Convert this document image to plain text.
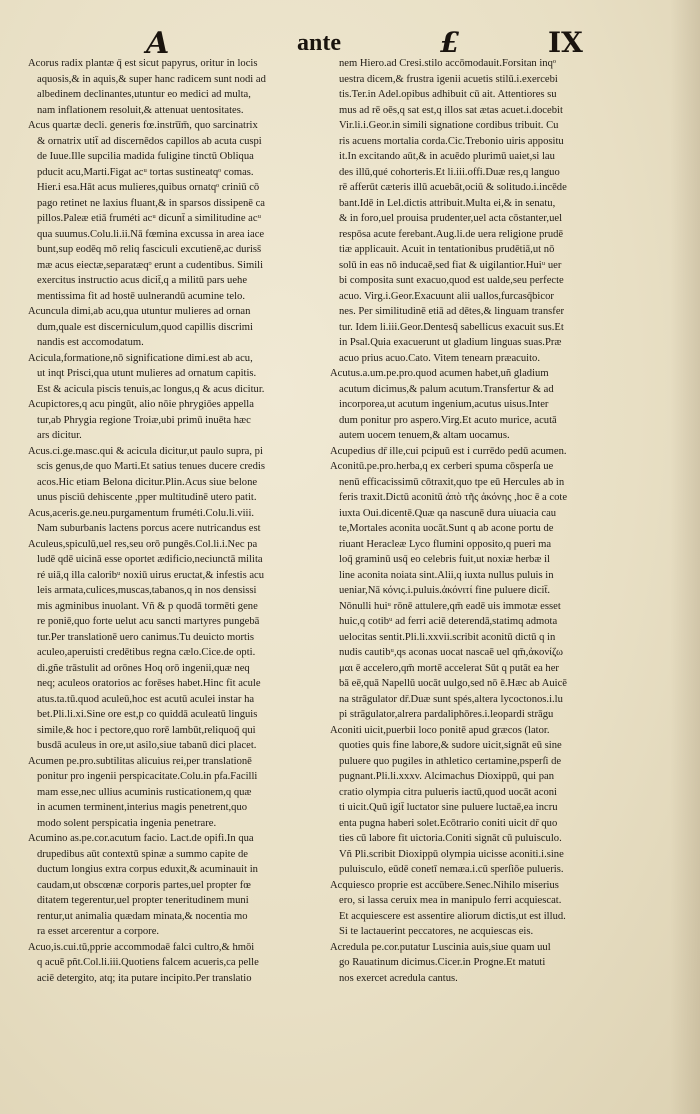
A	ante	£	IX
Acorus radix plantæ q̄ est sicut papyrus, oritur in locis
aquosis,& in aquis,& super hanc radicem sunt nodi ad
albedinem declinantes,utuntur eo medici ad multa,
nam inflationem resoluit,& attenuat uentositates.
Acus quartæ decli. generis fœ.instru̅m̄, quo sarcinatrix
& ornatrix utit̄ ad discernēdos capillos ab acuta cuspi
de Iuue.Ille supcilia madida fuligine tinctū Obliqua
pducit acu,Marti.Figat acᵘ tortas sustineatqᵒ comas.
Hier.i esa.Hāt acus mulieres,quibus ornatqᵒ criniū cō
pago retinet ne laxius fluant,& in sparsos dissipenē ca
pillos.Paleæ etiā fruméti acᵘ dicunt̄ a similitudine acᵘ
qua suumus.Colu.li.ii.Nā fœmina excussa in area iace
bunt,sup eodēq mō reliq fasciculi excutienē,ac duriss̄
mæ acus eiectæ,separatæqᵒ erunt a cudentibus. Simili
exercitus instructio acus dicit̄,q a militū pars uehe
mentissima fit ad hostē uulnerandū acumine telo.
Acuncula dimi,ab acu,qua utuntur mulieres ad ornan
dum,quale est discerniculum,quod capillis discrimi
nandis est accomodatum.
Acicula,formatione,nō significatione dimi.est ab acu,
ut inqt Prisci,qua utunt mulieres ad ornatum capitis.
Est & acicula piscis tenuis,ac longus,q & acus dicitur.
Acupictores,q acu pingūt, alio nōie phrygiōes appella
tur,ab Phrygia regione Troiæ,ubi primū inuēta hæc
ars dicitur.
Acus.ci.ge.masc.qui & acicula dicitur,ut paulo supra, pi
scis genus,de quo Marti.Et satius tenues ducere credis
acos.Hic etiam Belona dicitur.Plin.Acus siue belone
unus pisciū dehiscente ,pper multitudinē utero patit.
Acus,aceris.ge.neu.purgamentum fruméti.Colu.li.viii.
Nam suburbanis lactens porcus acere nutricandus est
Aculeus,spiculū,uel res,seu orō pungēs.Col.li.i.Nec pa
ludē qdē uicinā esse oportet ædificio,neciunctā milita
ré uiā,q illa caloribᵘ noxiū uirus eructat,& infestis acu
leis armata,culices,muscas,tabanos,q in nos densissi
mis agminibus inuolant. Vñ & p quodā tormēti gene
re poniē,quo forte uelut acu sancti martyres pungebā
tur.Per translationē uero canimus.Tu deuicto mortis
aculeo,aperuisti credētibus regna cælo.Cice.de opti.
di.gñe trāstulit ad orōnes Hoq orō ingenii,quæ neq
neq; aculeos oratorios ac forēses habet.Hinc fit acule
atus.ta.tū.quod aculeū,hoc est acutū aculei instar ha
bet.Pli.li.xi.Sine ore est,p co quiddā aculeatū linguis
simile,& hoc i pectore,quo rorē lambūt,reliquoq̄ qui
busdā aculeus in ore,ut asilo,siue tabanū dici placet.
Acumen pe.pro.subtilitas alicuius rei,per translationē
ponitur pro ingenii perspicacitate.Colu.in pfa.Facilli
mam esse,nec ullius acuminis rusticationem,q quæ
in acumen terminent,interius magis penetrent,quo
modo solent perspicatia ingenia penetrare.
Acumino as.pe.cor.acutum facio. Lact.de opifi.In qua
drupedibus aūt contextū spinæ a summo capite de
ductum longius extra corpus eduxit,& acuminauit in
caudam,ut obscœnæ corporis partes,uel propter fœ
ditatem tegerentur,uel propter teneritudinem muni
rentur,ut animalia quædam minata,& nocentia mo
ra esset arcerentur a corpore.
Acuo,is.cui.tū,pprie accommodaē falci cultro,& hmōi
q acuē pñt.Col.li.iii.Quotiens falcem acueris,ca pelle
aciē detergito, atq; ita putare incipito.Per translatio
nem Hiero.ad Cresi.stilo accōmodauit.Forsitan inqᵒ
uestra dicem,& frustra igenii acuetis stilū.i.exercebi
tis.Ter.in Adel.opibus adhibuit cū ait. Attentiores su
mus ad rē oēs,q sat est,q illos sat ætas acuet.i.docebit
Vir.li.i.Geor.in simili signatione cordibus tribuit. Cu
ris acuens mortalia corda.Cic.Trebonio uiris appositu
it.In excitando aūt,& in acuēdo plurimū uaiet,si lau
des illū,qué cohorteris.Et li.iii.offi.Duæ res,q languo
rē afferūt cæteris illū acuebāt,ociū & solitudo.i.incēde
bant.Idē in Lel.dictis attribuit.Multa ei,& in senatu,
& in foro,uel prouisa prudenter,uel acta cōstanter,uel
respōsa acute ferebant.Aug.li.de uera religione prudē
tiæ applicauit. Acuit in tentationibus prudētiā,ut nō
solū in eas nō inducaē,sed fiat & uigilantior.Huiᵘ uer
bi composita sunt exacuo,quod est ualde,seu perfecte
acuo. Virg.i.Geor.Exacuunt alii uallos,furcasq̄bicor
nes. Per similitudinē etiā ad dētes,& linguam transfer
tur. Idem li.iii.Geor.Dentesq̄ sabellicus exacuit sus.Et
in Psal.Quia exacuerunt ut gladium linguas suas.Præ
acuo prius acuo.Cato. Vitem tenearn præacuito.
Acutus.a.um.pe.pro.quod acumen habet,uñ gladium
acutum dicimus,& palum acutum.Transfertur & ad
incorporea,ut acutum ingenium,acutus uisus.Inter
dum ponitur pro aspero.Virg.Et acuto murice, acutā
autem uocem tenuem,& altam uocamus.
Acupedius dr̄ ille,cui pcipuū est i currēdo pedū acumen.
Aconitū.pe.pro.herba,q ex cerberi spuma cōsperſa ue
nenū efficacissimū cōtraxit,quo tpe eū Hercules ab in
feris traxit.Dictū aconitū ἀπὸ τῆς ἀκόνης ,hoc ē a cote
iuxta Oui.dicentē.Quæ qa nascunē dura uiuacia cau
te,Mortales aconita uocāt.Sunt q ab acone portu de
riuant Heracleæ Lyco flumini opposito,q pueri ma
loq̄ graminū usq̄ eo celebris fuit,ut noxiæ herbæ il
line aconita noiata sint.Alii,q iuxta nullus puluis in
ueniar,Nā κόνις.i.puluis.ἀκόνιτί fine puluere dicit̄.
Nōnulli huiᵘ rōnē attulere,qm̄ eadē uis immotæ esset
huic,q cotibᵘ ad ferri aciē deterendā,statimq admota
uelocitas sentit.Pli.li.xxvii.scribit aconitū dictū q in
nudis cautibᵘ,qs aconas uocat nascaē uel qm̄,ἀκονίζω
μαι ē accelero,qm̄ mortē accelerat Sūt q putāt ea her
bā eē,quā Napellū uocāt uulgo,sed nō ē.Hæc ab Auicē
na strāgulator dr̄.Duæ sunt spés,altera lycoctonos.i.lu
pi strāgulator,alrera pardaliphōres.i.leopardi strāgu
Aconiti uicit,puerbii loco ponitē apud græcos (lator.
quoties quis fine labore,& sudore uicit,signāt eū sine
puluere quo pugiles in athletico certamine,psperſi de
pugnant.Pli.li.xxxv. Alcimachus Dioxippū, qui pan
cratio olympia citra pulueris iactū,quod uocāt aconi
ti uicit.Quū igit̄ luctator sine puluere luctaē,ea incru
enta pugna haberi solet.Ecōtrario coniti uicit dr̄ quo
ties cū labore fit uictoria.Coniti signāt cū puluisculo.
Vñ Pli.scribit Dioxippū olympia uicisse aconiti.i.sine
puluisculo, eūdē conetī nemæa.i.cū sperſiōe pulueris.
Acquiesco proprie est accūbere.Senec.Nihilo miserius
ero, si lassa ceruix mea in manipulo ferri acquiescat.
Et acquiescere est assentire aliorum dictis,ut est illud.
Si te lactauerint peccatores, ne acquiescas eis.
Acredula pe.cor.putatur Luscinia auis,siue quam uul
go Rauatinum dicimus.Cicer.in Progne.Et matuti
nos exercet acredula cantus.
